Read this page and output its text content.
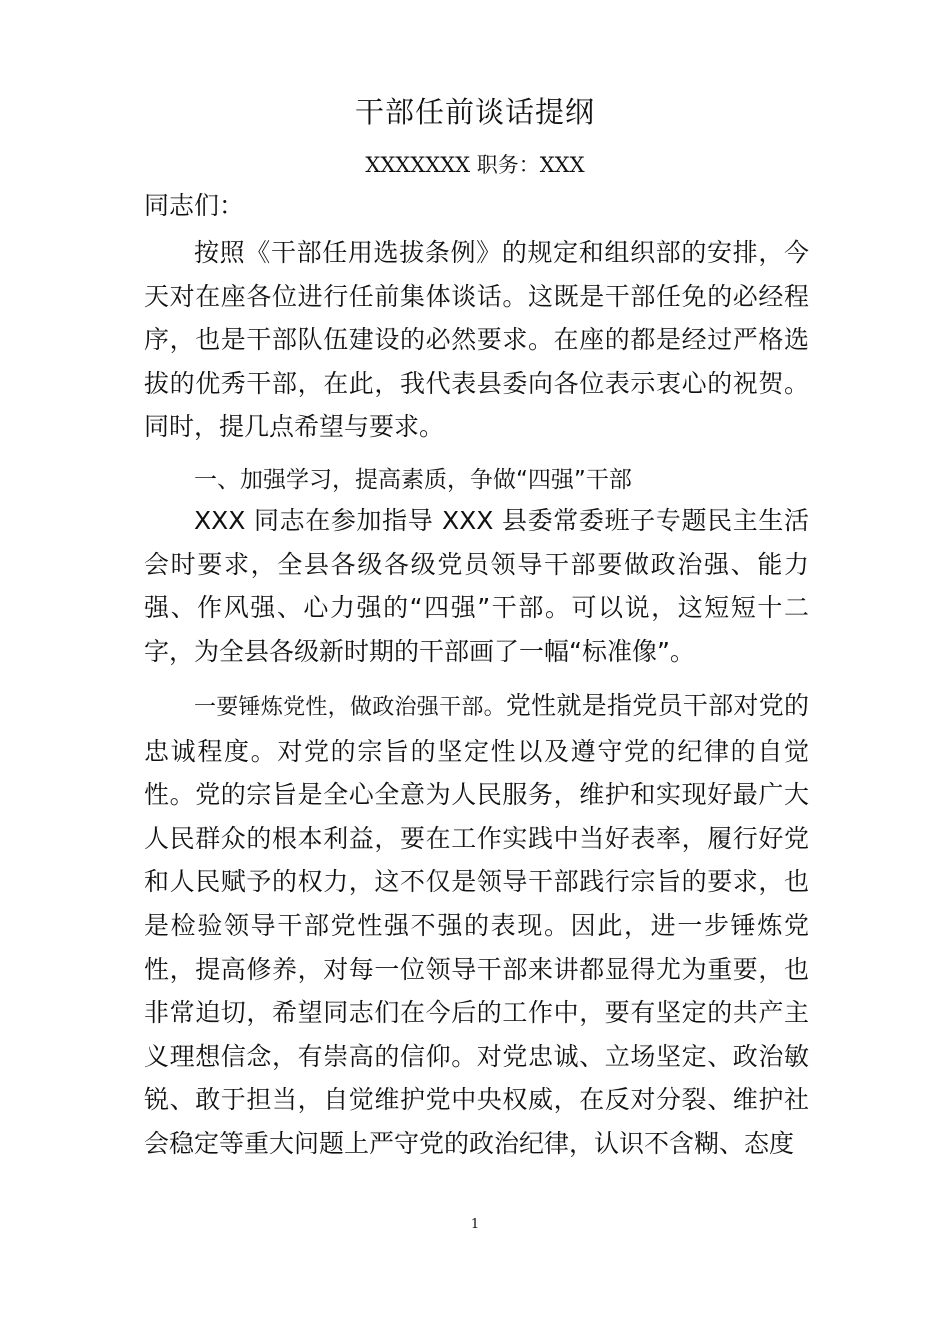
干部任前谈话提纲
XXXXXXX 职务：XXX
同志们：
按照《干部任用选拔条例》的规定和组织部的安排，今天对在座各位进行任前集体谈话。这既是干部任免的必经程序，也是干部队伍建设的必然要求。在座的都是经过严格选拔的优秀干部，在此，我代表县委向各位表示衷心的祝贺。同时，提几点希望与要求。
一、加强学习，提高素质，争做“四强”干部
XXX 同志在参加指导 XXX 县委常委班子专题民主生活会时要求，全县各级各级党员领导干部要做政治强、能力强、作风强、心力强的“四强”干部。可以说，这短短十二字，为全县各级新时期的干部画了一幅“标准像”。
一要锤炼党性，做政治强干部。党性就是指党员干部对党的忠诚程度。对党的宗旨的坚定性以及遵守党的纪律的自觉性。党的宗旨是全心全意为人民服务，维护和实现好最广大人民群众的根本利益，要在工作实践中当好表率，履行好党和人民赋予的权力，这不仅是领导干部践行宗旨的要求，也是检验领导干部党性强不强的表现。因此，进一步锤炼党性，提高修养，对每一位领导干部来讲都显得尤为重要，也非常迫切，希望同志们在今后的工作中，要有坚定的共产主义理想信念，有崇高的信仰。对党忠诚、立场坚定、政治敏锐、敢于担当，自觉维护党中央权威，在反对分裂、维护社会稳定等重大问题上严守党的政治纪律，认识不含糊、态度
1
